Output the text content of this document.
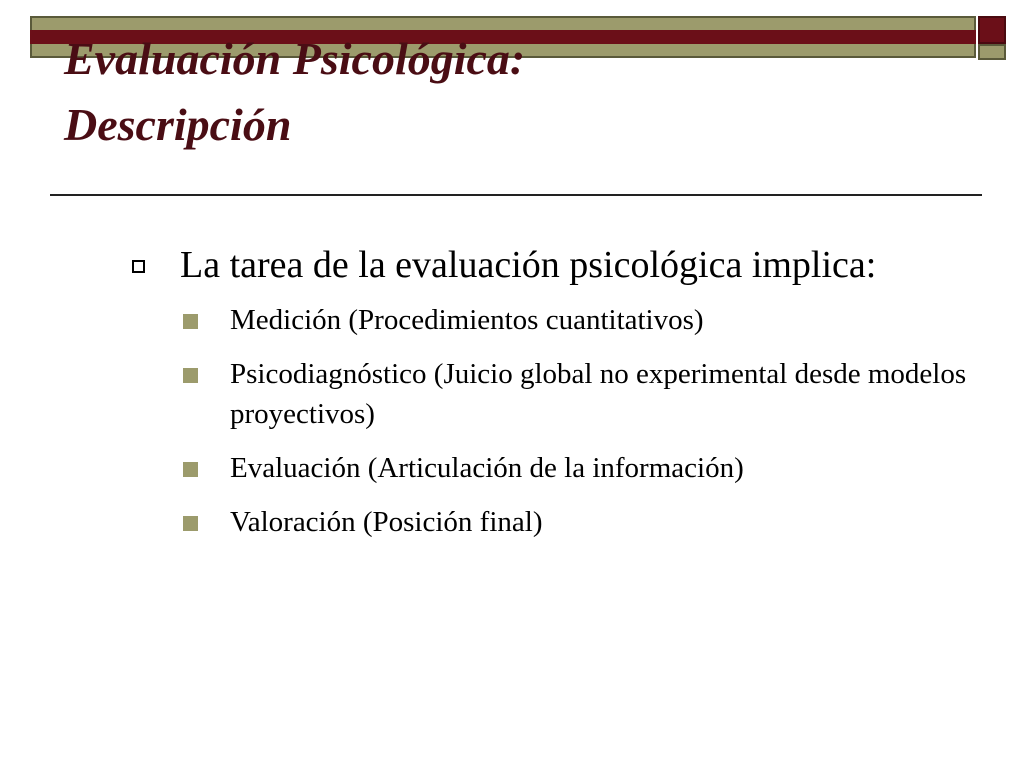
Evaluación Psicológica:
Descripción
La tarea de la evaluación psicológica implica:
Medición (Procedimientos cuantitativos)
Psicodiagnóstico (Juicio global no experimental desde modelos proyectivos)
Evaluación (Articulación de la información)
Valoración (Posición final)
